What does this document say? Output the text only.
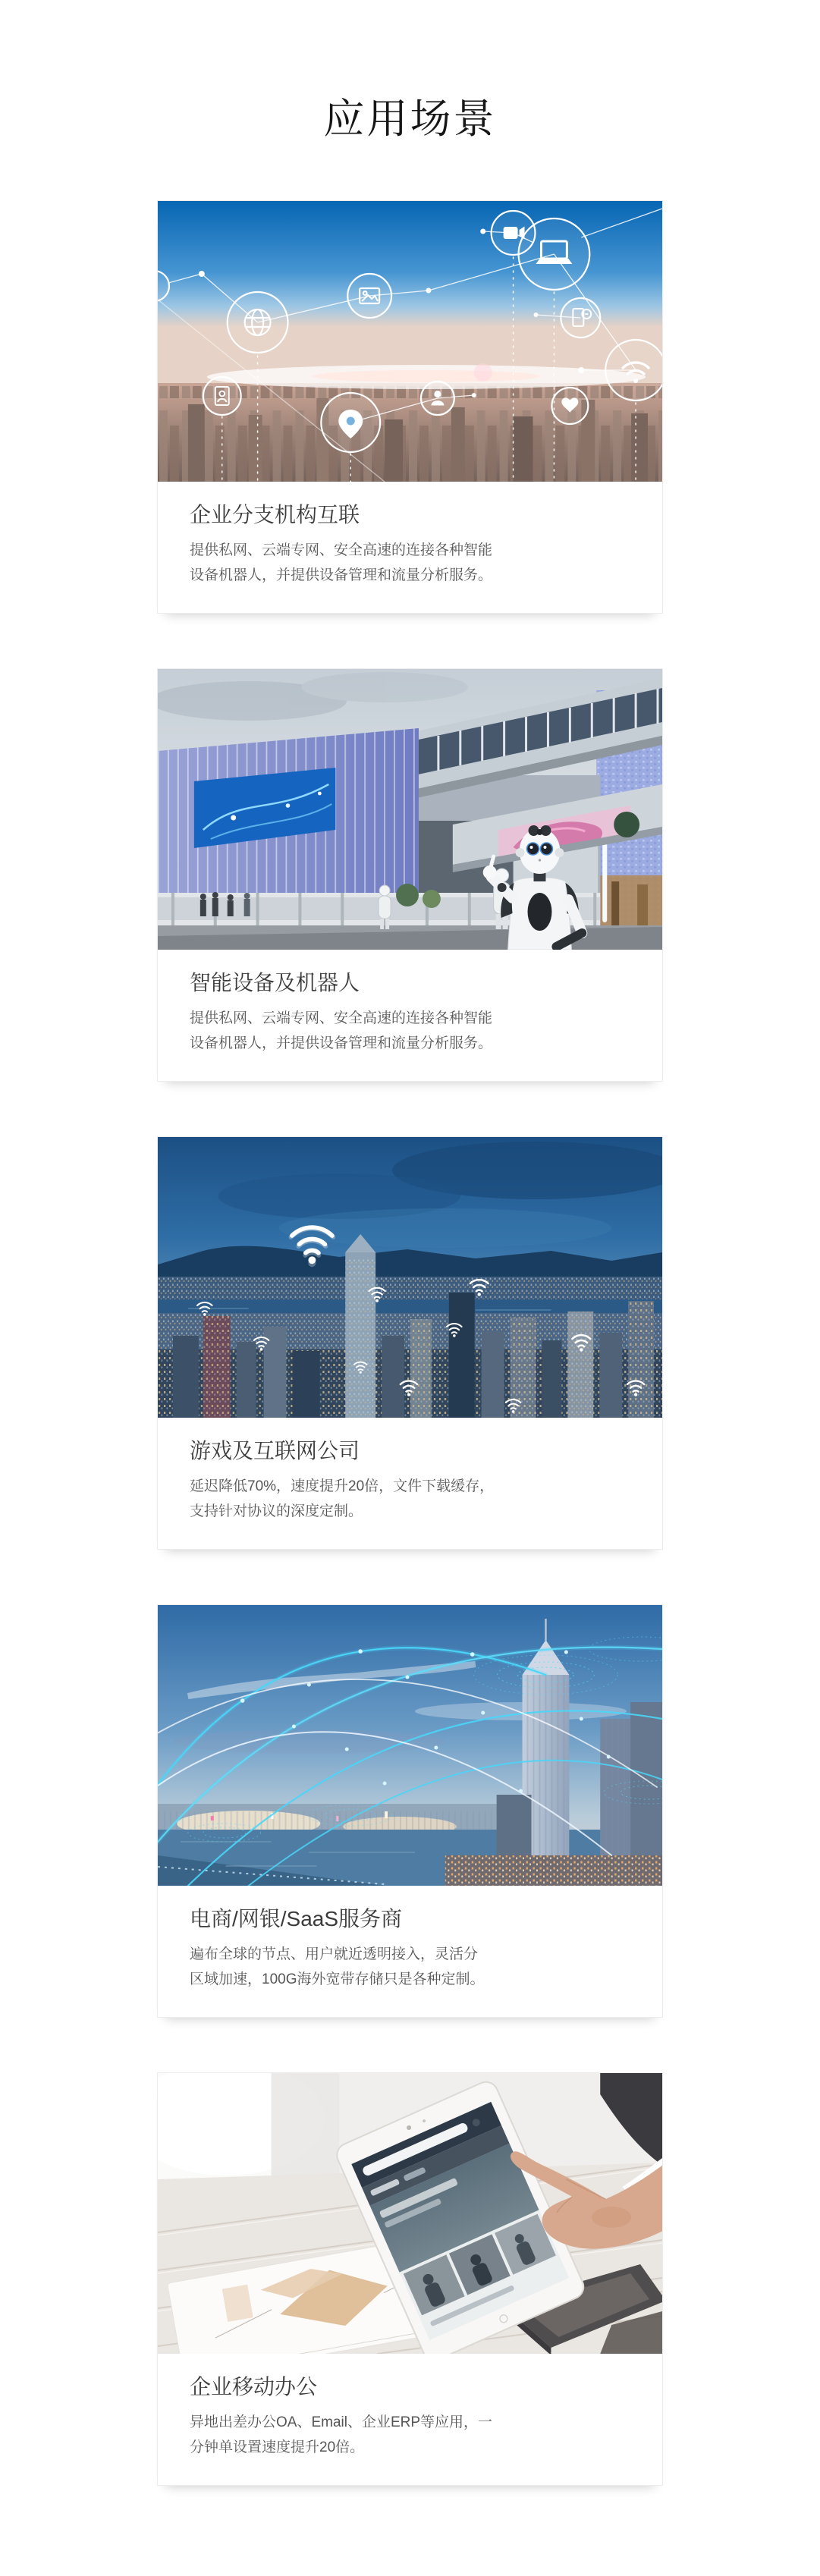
应用场景
企业分支机构互联

提供私网、云端专网、安全高速的连接各种智能

设备机器人，并提供设备管理和流量分析服务。

智能设备及机器人

提供私网、云端专网、安全高速的连接各种智能

设备机器人，并提供设备管理和流量分析服务。

游戏及互联网公司

延迟降低70%，速度提升20倍，文件下载缓存，

支持针对协议的深度定制。

电商/网银/SaaS服务商

遍布全球的节点、用户就近透明接入，灵活分

区域加速，100G海外宽带存储只是各种定制。

企业移动办公

异地出差办公OA、Email、企业ERP等应用，一

分钟单设置速度提升20倍。
